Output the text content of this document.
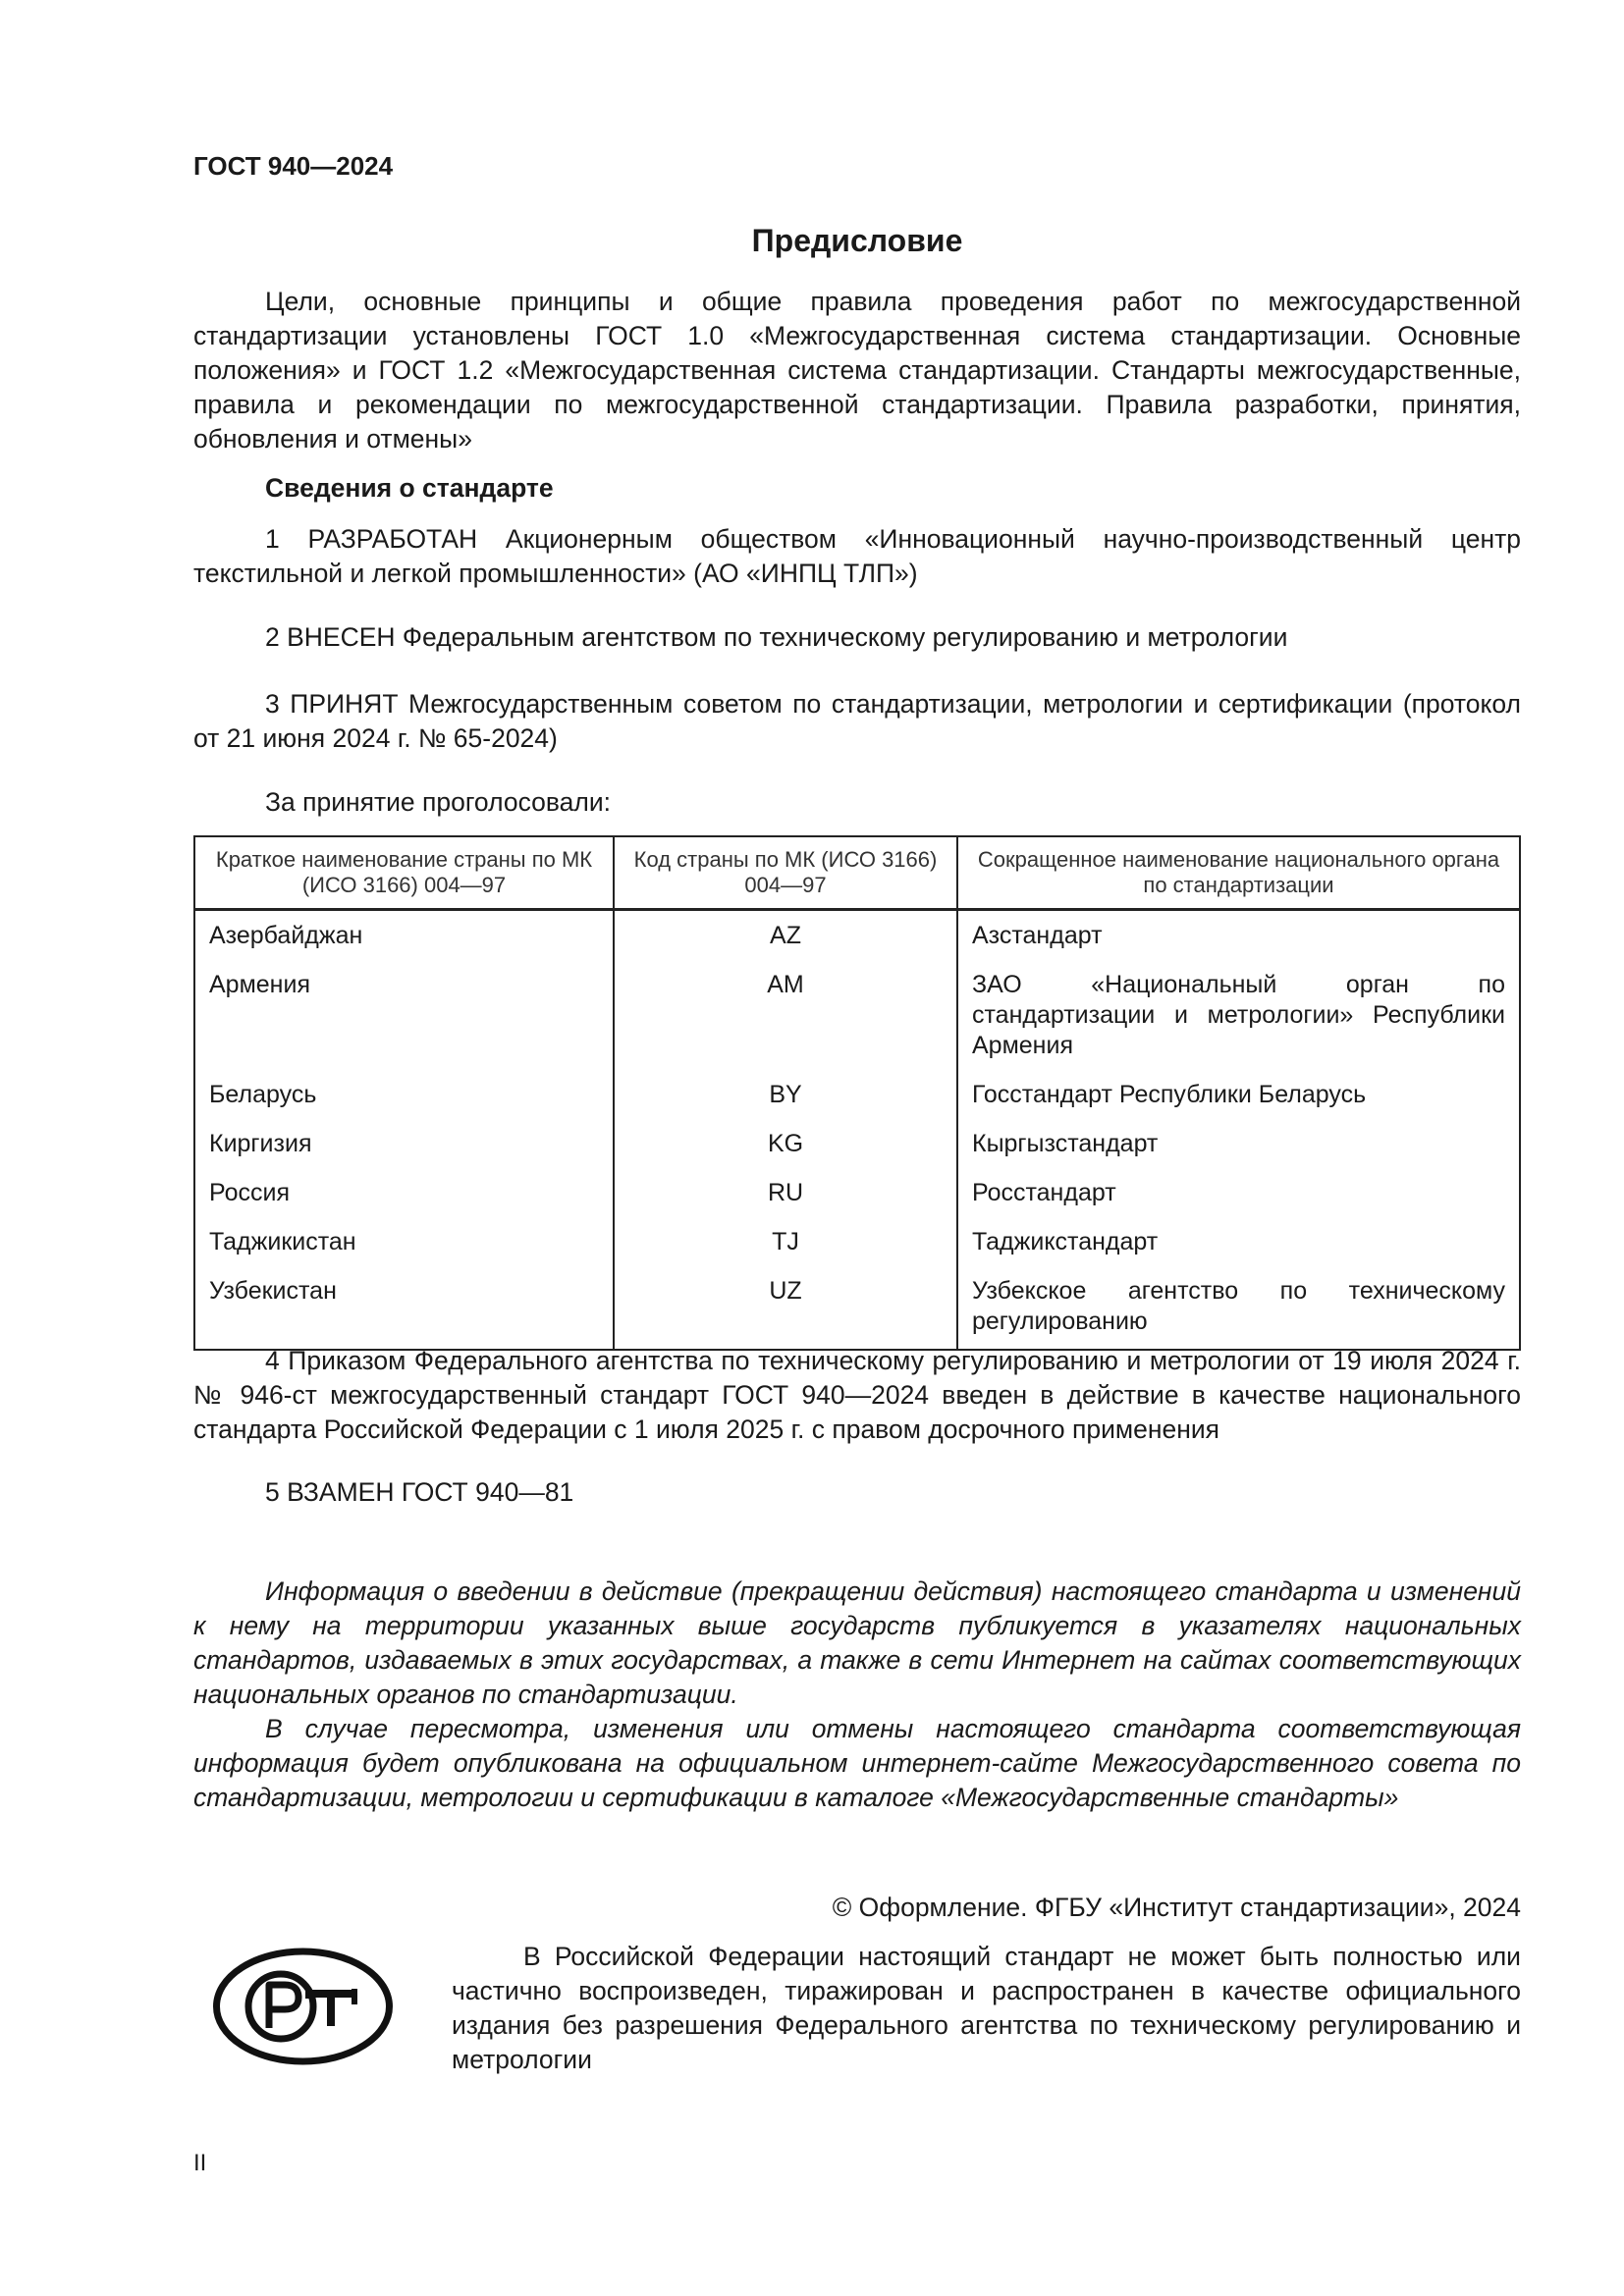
ГОСТ 940—2024
Предисловие

Цели, основные принципы и общие правила проведения работ по межгосударственной стандартизации установлены ГОСТ 1.0 «Межгосударственная система стандартизации. Основные положения» и ГОСТ 1.2 «Межгосударственная система стандартизации. Стандарты межгосударственные, правила и рекомендации по межгосударственной стандартизации. Правила разработки, принятия, обновления и отмены»

Сведения о стандарте

1 РАЗРАБОТАН Акционерным обществом «Инновационный научно-производственный центр текстильной и легкой промышленности» (АО «ИНПЦ ТЛП»)

2 ВНЕСЕН Федеральным агентством по техническому регулированию и метрологии

3 ПРИНЯТ Межгосударственным советом по стандартизации, метрологии и сертификации (протокол от 21 июня 2024 г. № 65-2024)

За принятие проголосовали:

Краткое наименование страны по МК (ИСО 3166) 004—97	Код страны по МК (ИСО 3166) 004—97	Сокращенное наименование национального органа по стандартизации
Азербайджан	AZ	Азстандарт
Армения	AM	ЗАО «Национальный орган по стандартизации и метрологии» Республики Армения
Беларусь	BY	Госстандарт Республики Беларусь
Киргизия	KG	Кыргызстандарт
Россия	RU	Росстандарт
Таджикистан	TJ	Таджикстандарт
Узбекистан	UZ	Узбекское агентство по техническому регулированию

4 Приказом Федерального агентства по техническому регулированию и метрологии от 19 июля 2024 г. № 946-ст межгосударственный стандарт ГОСТ 940—2024 введен в действие в качестве национального стандарта Российской Федерации с 1 июля 2025 г. с правом досрочного применения

5 ВЗАМЕН ГОСТ 940—81

Информация о введении в действие (прекращении действия) настоящего стандарта и изменений к нему на территории указанных выше государств публикуется в указателях национальных стандартов, издаваемых в этих государствах, а также в сети Интернет на сайтах соответствующих национальных органов по стандартизации.

В случае пересмотра, изменения или отмены настоящего стандарта соответствующая информация будет опубликована на официальном интернет-сайте Межгосударственного совета по стандартизации, метрологии и сертификации в каталоге «Межгосударственные стандарты»

© Оформление. ФГБУ «Институт стандартизации», 2024

В Российской Федерации настоящий стандарт не может быть полностью или частично воспроизведен, тиражирован и распространен в качестве официального издания без разрешения Федерального агентства по техническому регулированию и метрологии

II
